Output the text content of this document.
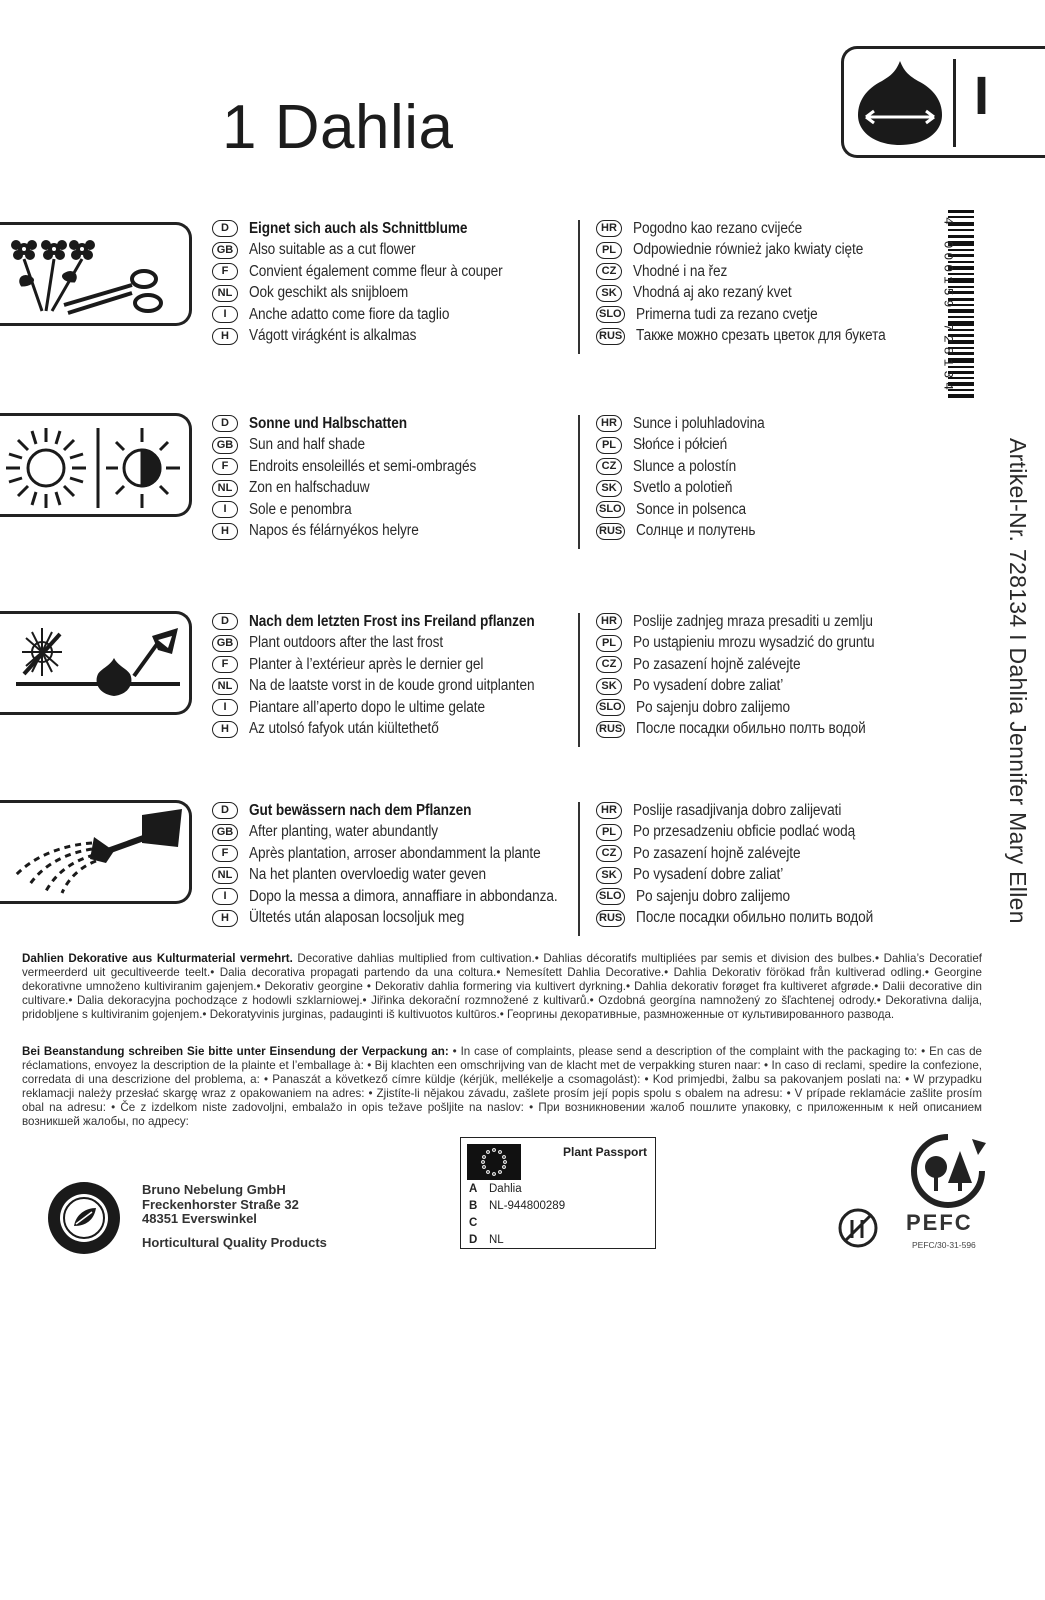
1 Dahlia	I
4 000159 728134
Artikel-Nr. 728134 I Dahlia Jennifer Mary Ellen
D	Eignet sich auch als Schnittblume
GB	Also suitable as a cut flower
F	Convient également comme fleur à couper
NL	Ook geschikt als snijbloem
I	Anche adatto come fiore da taglio
H	Vágott virágként is alkalmas
HR	Pogodno kao rezano cvijeće
PL	Odpowiednie również jako kwiaty cięte
CZ	Vhodné i na řez
SK	Vhodná aj ako rezaný kvet
SLO Primerna tudi za rezano cvetje
RUS Также можно срезать цветок для букета
D	Sonne und Halbschatten
GB	Sun and half shade
F	Endroits ensoleillés et semi-ombragés
NL	Zon en halfschaduw
I	Sole e penombra
H	Napos és félárnyékos helyre
HR	Sunce i poluhladovina
PL	Słońce i półcień
CZ	Slunce a polostín
SK	Svetlo a polotieň
SLO Sonce in polsenca
RUS Солнце и полутень
D	Nach dem letzten Frost ins Freiland pflanzen
GB	Plant outdoors after the last frost
F	Planter à l’extérieur après le dernier gel
NL	Na de laatste vorst in de koude grond uitplanten
I	Piantare all’aperto dopo le ultime gelate
H	Az utolsó fafyok után kiültethető
HR	Poslije zadnjeg mraza presaditi u zemlju
PL	Po ustąpieniu mrozu wysadzić do gruntu
CZ	Po zasazení hojně zalévejte
SK	Po vysadení dobre zaliat’
SLO Po sajenju dobro zalijemo
RUS После посадки обильно полть водой
D	Gut bewässern nach dem Pflanzen
GB	After planting, water abundantly
F	Après plantation, arroser abondamment la plante
NL	Na het planten overvloedig water geven
I	Dopo la messa a dimora, annaffiare in abbondanza.
H	Ültetés után alaposan locsoljuk meg
HR	Poslije rasadjivanja dobro zalijevati
PL	Po przesadzeniu obficie podlać wodą
CZ	Po zasazení hojně zalévejte
SK	Po vysadení dobre zaliat’
SLO Po sajenju dobro zalijemo
RUS После посадки обильно полить водой
Dahlien Dekorative aus Kulturmaterial vermehrt. Decorative dahlias multiplied from cultivation.• Dahlias décoratifs multipliées par semis et division des bulbes.• Dahlia’s Decoratief vermeerderd uit gecultiveerde teelt.• Dalia decorativa propagati partendo da una coltura.• Nemesített Dahlia Decorative.• Dahlia Dekorativ förökad från kultiverad odling.• Georgine dekorativne umnoženo kultiviranim gajenjem.• Dekorativ georgine • Dekorativ dahlia formering via kultivert dyrkning.• Dahlia dekorativ forøget fra kultiveret afgrøde.• Dalii decorative din cultivare.• Dalia dekoracyjna pochodzące z hodowli szklarniowej.• Jiřinka dekorační rozmnožené z kultivarů.• Ozdobná georgína namnožený zo šľachtenej odrody.• Dekorativna dalija, pridobljene s kultiviranim gojenjem.• Dekoratyvinis jurginas, padauginti iš kultivuotos kultūros.• Георгины декоративные, размноженные от культивированного развода.
Bei Beanstandung schreiben Sie bitte unter Einsendung der Verpackung an: • In case of complaints, please send a description of the complaint with the packaging to: • En cas de réclamations, envoyez la description de la plainte et l’emballage à: • Bij klachten een omschrijving van de klacht met de verpakking sturen naar: • In caso di reclami, spedire la confezione, corredata di una descrizione del problema, a: • Panaszát a következő címre küldje (kérjük, mellékelje a csomagolást): • Kod primjedbi, žalbu sa pakovanjem poslati na: • W przypadku reklamacji należy przesłać skargę wraz z opakowaniem na adres: • Zjistíte-li nějakou závadu, zašlete prosím její popis spolu s obalem na adresu: • V prípade reklamácie zašlite prosím obal na adresu: • Če z izdelkom niste zadovoljni, embalažo in opis težave pošljite na naslov: • При возникновении жалоб пошлите упаковку, с приложенным к ней описанием возникшей жалобы, по адресу:
Bruno Nebelung GmbH
Freckenhorster Straße 32
48351 Everswinkel
Horticultural Quality Products
Plant Passport
A Dahlia
B NL-944800289
C
D NL
PEFC
PEFC/30-31-596
